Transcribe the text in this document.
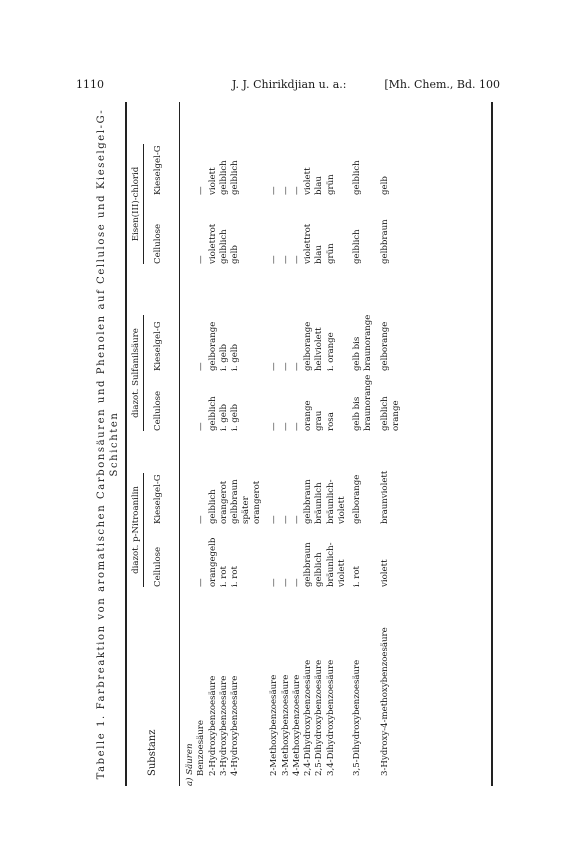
1110	J. J. Chirikdjian u. a.:	[Mh. Chem., Bd. 100
Tabelle 1. Farbreaktion von aromatischen Carbonsäuren und Phenolen auf Cellulose und Kieselgel-G- Schichten
Substanz
diazot. p-Nitroanilin
diazot. Sulfanilsäure
Eisen(III)-chlorid
Cellulose
Kieselgel-G
Cellulose
Kieselgel-G
Cellulose
Kieselgel-G
a) Säuren Benzoesäure
—
—
—
—
—
—
2-Hydroxybenzoesäure
orangegelb
gelblich
gelblich
gelborange
violettrot
violett
3-Hydroxybenzoesäure
i. rot
orangerot
i. gelb
i. gelb
gelblich
gelblich
4-Hydroxybenzoesäure
i. rot
gelbbraun später orangerot
i. gelb
i. gelb
gelb
gelblich
2-Methoxybenzoesäure
—
—
—
—
—
—
3-Methoxybenzoesäure
—
—
—
—
—
—
4-Methoxybenzoesäure
—
—
—
—
—
—
2,4-Dihydroxybenzoesäure
gelbbraun
gelbbraun
orange
gelborange
violettrot
violett
2,5-Dihydroxybenzoesäure
gelblich
bräunlich
grau
hellviolett
blau
blau
3,4-Dihydroxybenzoesäure
bräunlich- violett
bräunlich- violett
rosa
i. orange
grün
grün
3,5-Dihydroxybenzoesäure
i. rot
gelborange
gelb bis braunorange
gelb bis braunorange
gelblich
gelblich
3-Hydroxy-4-methoxybenzoesäure
violett
braunviolett
gelblich orange
gelborange
gelbbraun
gelb
